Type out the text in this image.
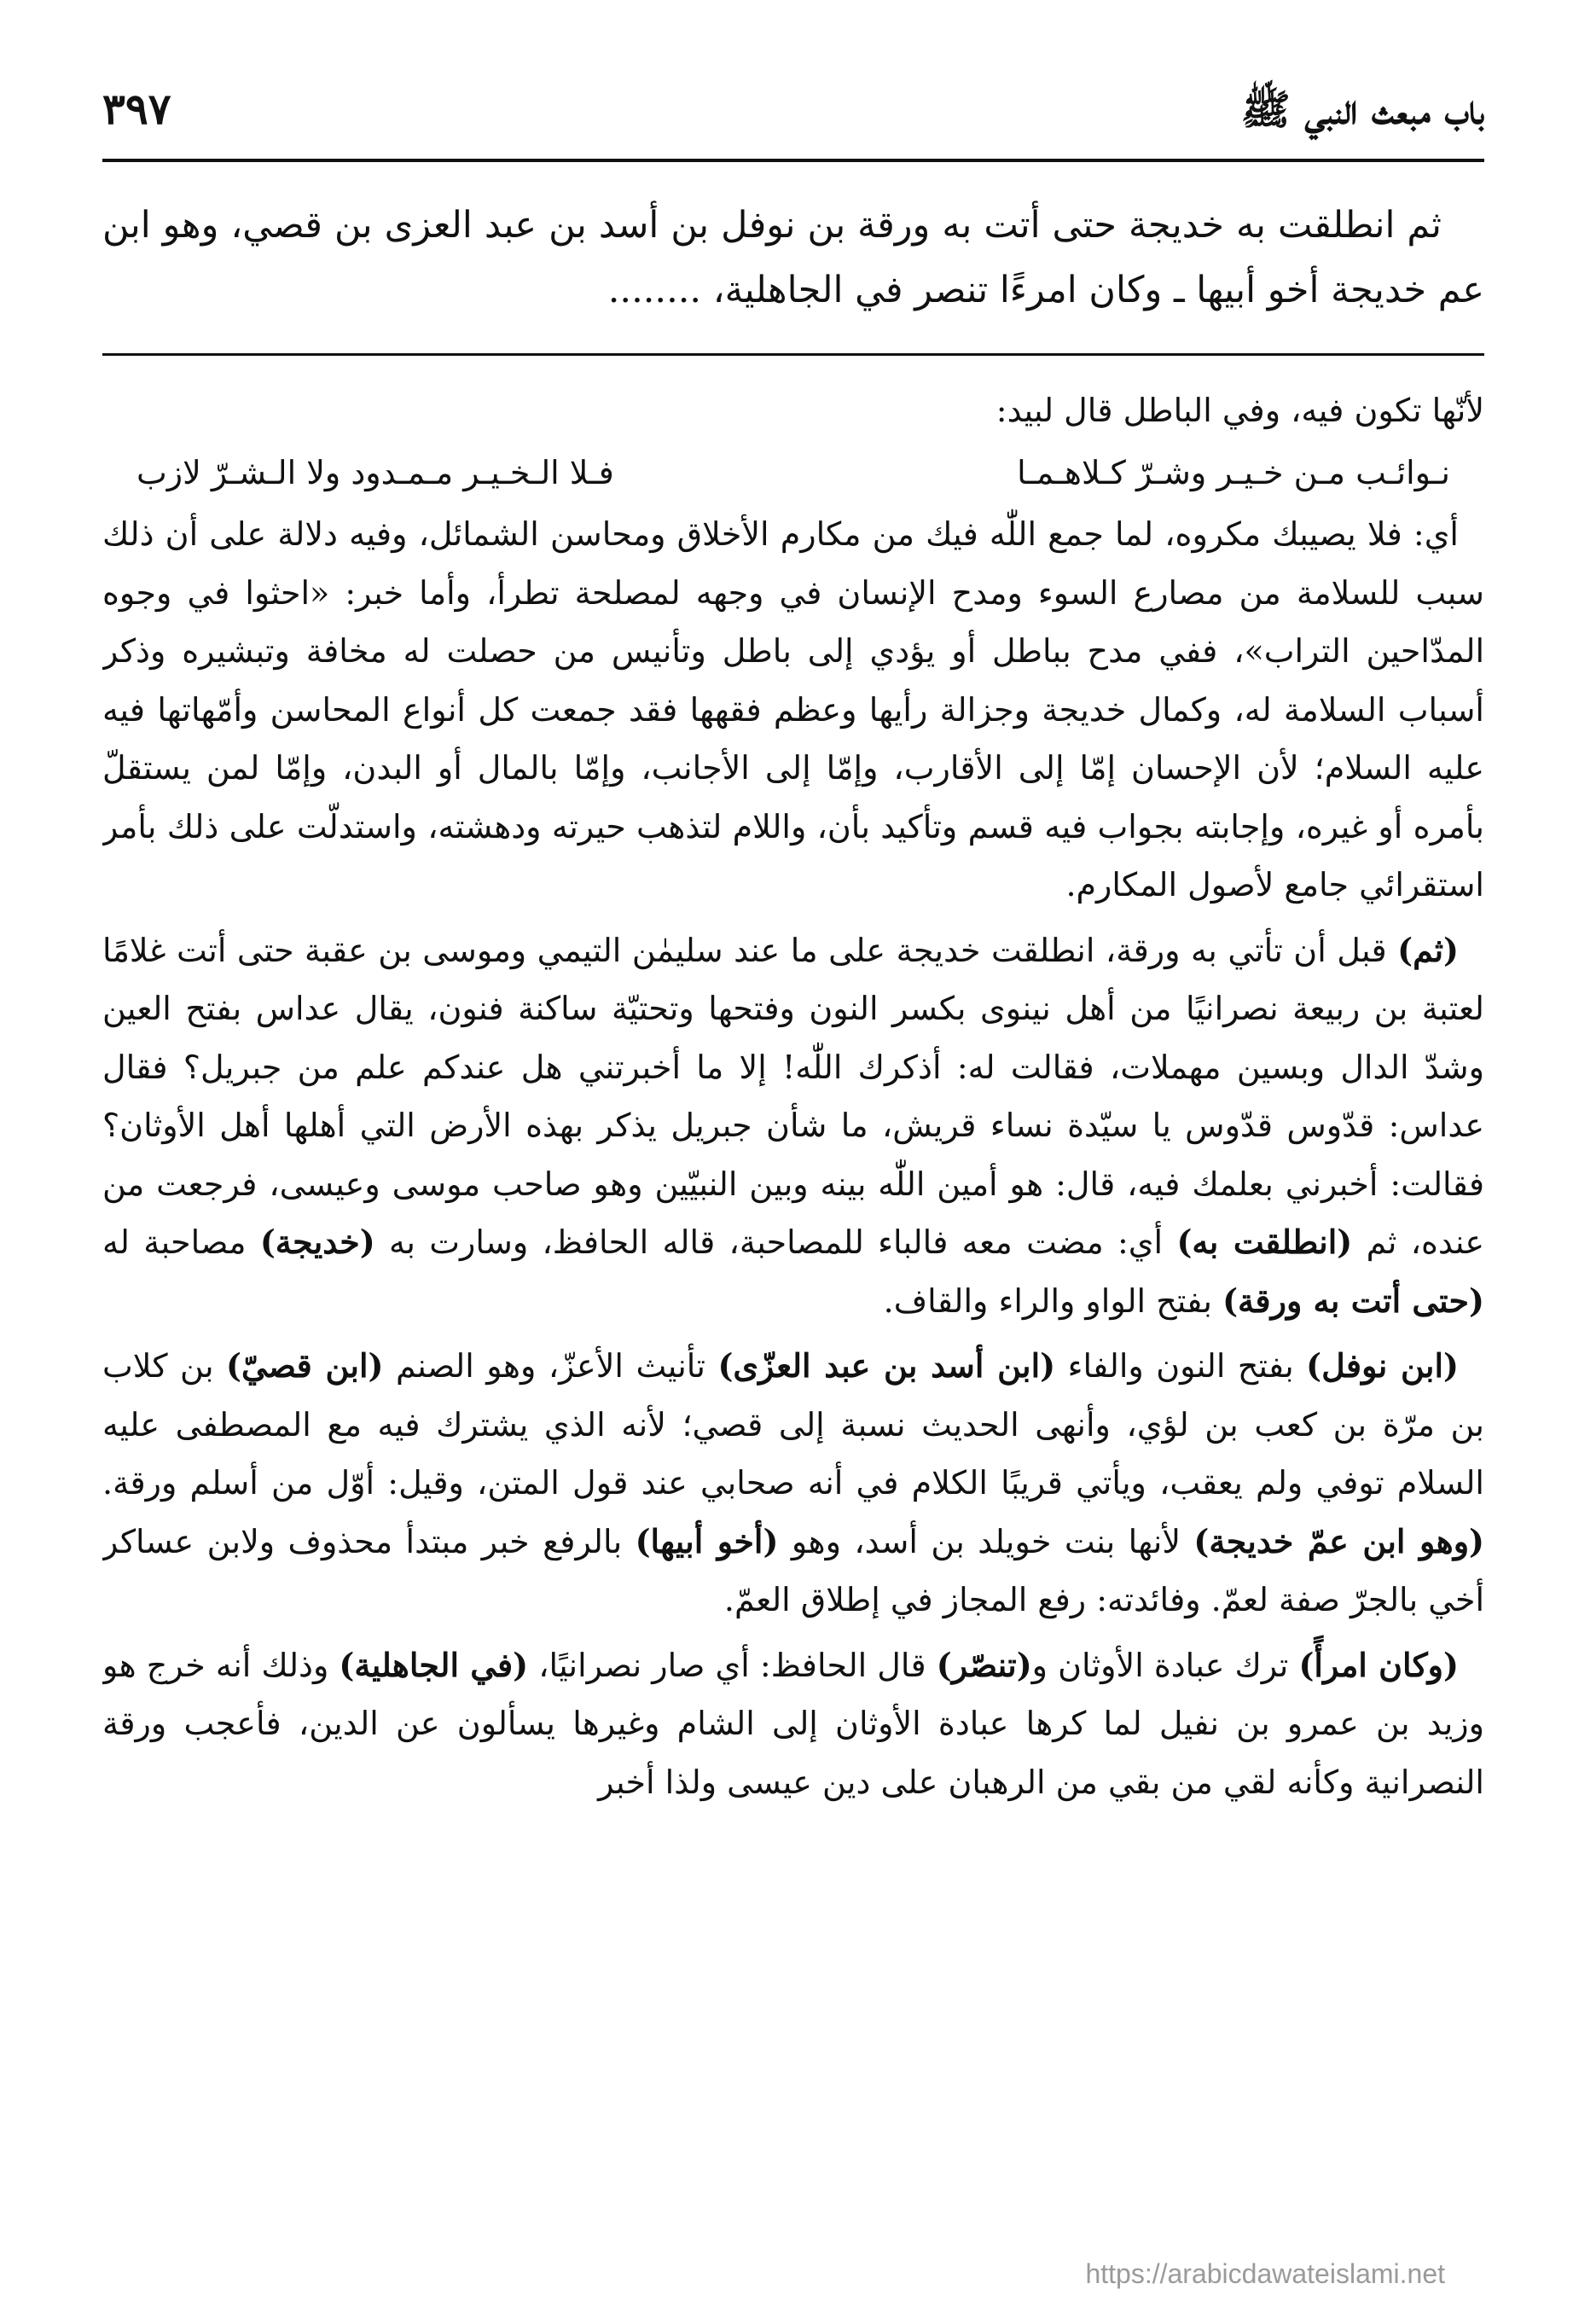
باب مبعث النبي ﷺ
٣٩٧
ثم انطلقت به خديجة حتى أتت به ورقة بن نوفل بن أسد بن عبد العزى بن قصي، وهو ابن عم خديجة أخو أبيها ـ وكان امرءًا تنصر في الجاهلية، ........

لأنّها تكون فيه، وفي الباطل قال لبيد:

نـوائـب مـن خـيـر وشـرّ كـلاهـمـا
فـلا الـخـيـر مـمـدود ولا الـشـرّ لازب

أي: فلا يصيبك مكروه، لما جمع اللّٰه فيك من مكارم الأخلاق ومحاسن الشمائل، وفيه دلالة على أن ذلك سبب للسلامة من مصارع السوء ومدح الإنسان في وجهه لمصلحة تطرأ، وأما خبر: «احثوا في وجوه المدّاحين التراب»، ففي مدح بباطل أو يؤدي إلى باطل وتأنيس من حصلت له مخافة وتبشيره وذكر أسباب السلامة له، وكمال خديجة وجزالة رأيها وعظم فقهها فقد جمعت كل أنواع المحاسن وأمّهاتها فيه عليه السلام؛ لأن الإحسان إمّا إلى الأقارب، وإمّا إلى الأجانب، وإمّا بالمال أو البدن، وإمّا لمن يستقلّ بأمره أو غيره، وإجابته بجواب فيه قسم وتأكيد بأن، واللام لتذهب حيرته ودهشته، واستدلّت على ذلك بأمر استقرائي جامع لأصول المكارم.

(ثم) قبل أن تأتي به ورقة، انطلقت خديجة على ما عند سليمٰن التيمي وموسى بن عقبة حتى أتت غلامًا لعتبة بن ربيعة نصرانيًا من أهل نينوى بكسر النون وفتحها وتحتيّة ساكنة فنون، يقال عداس بفتح العين وشدّ الدال وبسين مهملات، فقالت له: أذكرك اللّٰه! إلا ما أخبرتني هل عندكم علم من جبريل؟ فقال عداس: قدّوس قدّوس يا سيّدة نساء قريش، ما شأن جبريل يذكر بهذه الأرض التي أهلها أهل الأوثان؟ فقالت: أخبرني بعلمك فيه، قال: هو أمين اللّٰه بينه وبين النبيّين وهو صاحب موسى وعيسى، فرجعت من عنده، ثم (انطلقت به) أي: مضت معه فالباء للمصاحبة، قاله الحافظ، وسارت به (خديجة) مصاحبة له (حتى أتت به ورقة) بفتح الواو والراء والقاف.

(ابن نوفل) بفتح النون والفاء (ابن أسد بن عبد العزّى) تأنيث الأعزّ، وهو الصنم (ابن قصيّ) بن كلاب بن مرّة بن كعب بن لؤي، وأنهى الحديث نسبة إلى قصي؛ لأنه الذي يشترك فيه مع المصطفى عليه السلام توفي ولم يعقب، ويأتي قريبًا الكلام في أنه صحابي عند قول المتن، وقيل: أوّل من أسلم ورقة. (وهو ابن عمّ خديجة) لأنها بنت خويلد بن أسد، وهو (أخو أبيها) بالرفع خبر مبتدأ محذوف ولابن عساكر أخي بالجرّ صفة لعمّ. وفائدته: رفع المجاز في إطلاق العمّ.

(وكان امرأً) ترك عبادة الأوثان و(تنصّر) قال الحافظ: أي صار نصرانيًا، (في الجاهلية) وذلك أنه خرج هو وزيد بن عمرو بن نفيل لما كرها عبادة الأوثان إلى الشام وغيرها يسألون عن الدين، فأعجب ورقة النصرانية وكأنه لقي من بقي من الرهبان على دين عيسى ولذا أخبر

https://arabicdawateislami.net
